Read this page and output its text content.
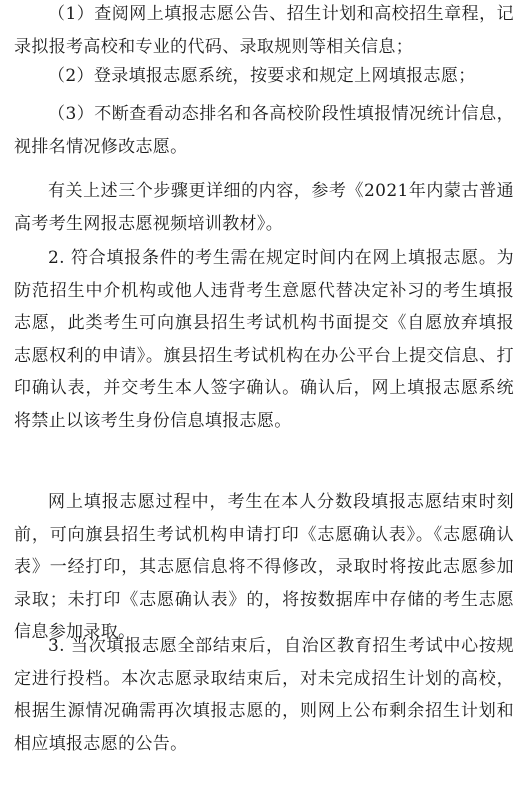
（1）查阅网上填报志愿公告、招生计划和高校招生章程，记录拟报考高校和专业的代码、录取规则等相关信息；

（2）登录填报志愿系统，按要求和规定上网填报志愿；

（3）不断查看动态排名和各高校阶段性填报情况统计信息，视排名情况修改志愿。

有关上述三个步骤更详细的内容，参考《2021年内蒙古普通高考考生网报志愿视频培训教材》。

2. 符合填报条件的考生需在规定时间内在网上填报志愿。为防范招生中介机构或他人违背考生意愿代替决定补习的考生填报志愿，此类考生可向旗县招生考试机构书面提交《自愿放弃填报志愿权利的申请》。旗县招生考试机构在办公平台上提交信息、打印确认表，并交考生本人签字确认。确认后，网上填报志愿系统将禁止以该考生身份信息填报志愿。

网上填报志愿过程中，考生在本人分数段填报志愿结束时刻前，可向旗县招生考试机构申请打印《志愿确认表》。《志愿确认表》一经打印，其志愿信息将不得修改，录取时将按此志愿参加录取；未打印《志愿确认表》的，将按数据库中存储的考生志愿信息参加录取。

3. 当次填报志愿全部结束后，自治区教育招生考试中心按规定进行投档。本次志愿录取结束后，对未完成招生计划的高校，根据生源情况确需再次填报志愿的，则网上公布剩余招生计划和相应填报志愿的公告。
